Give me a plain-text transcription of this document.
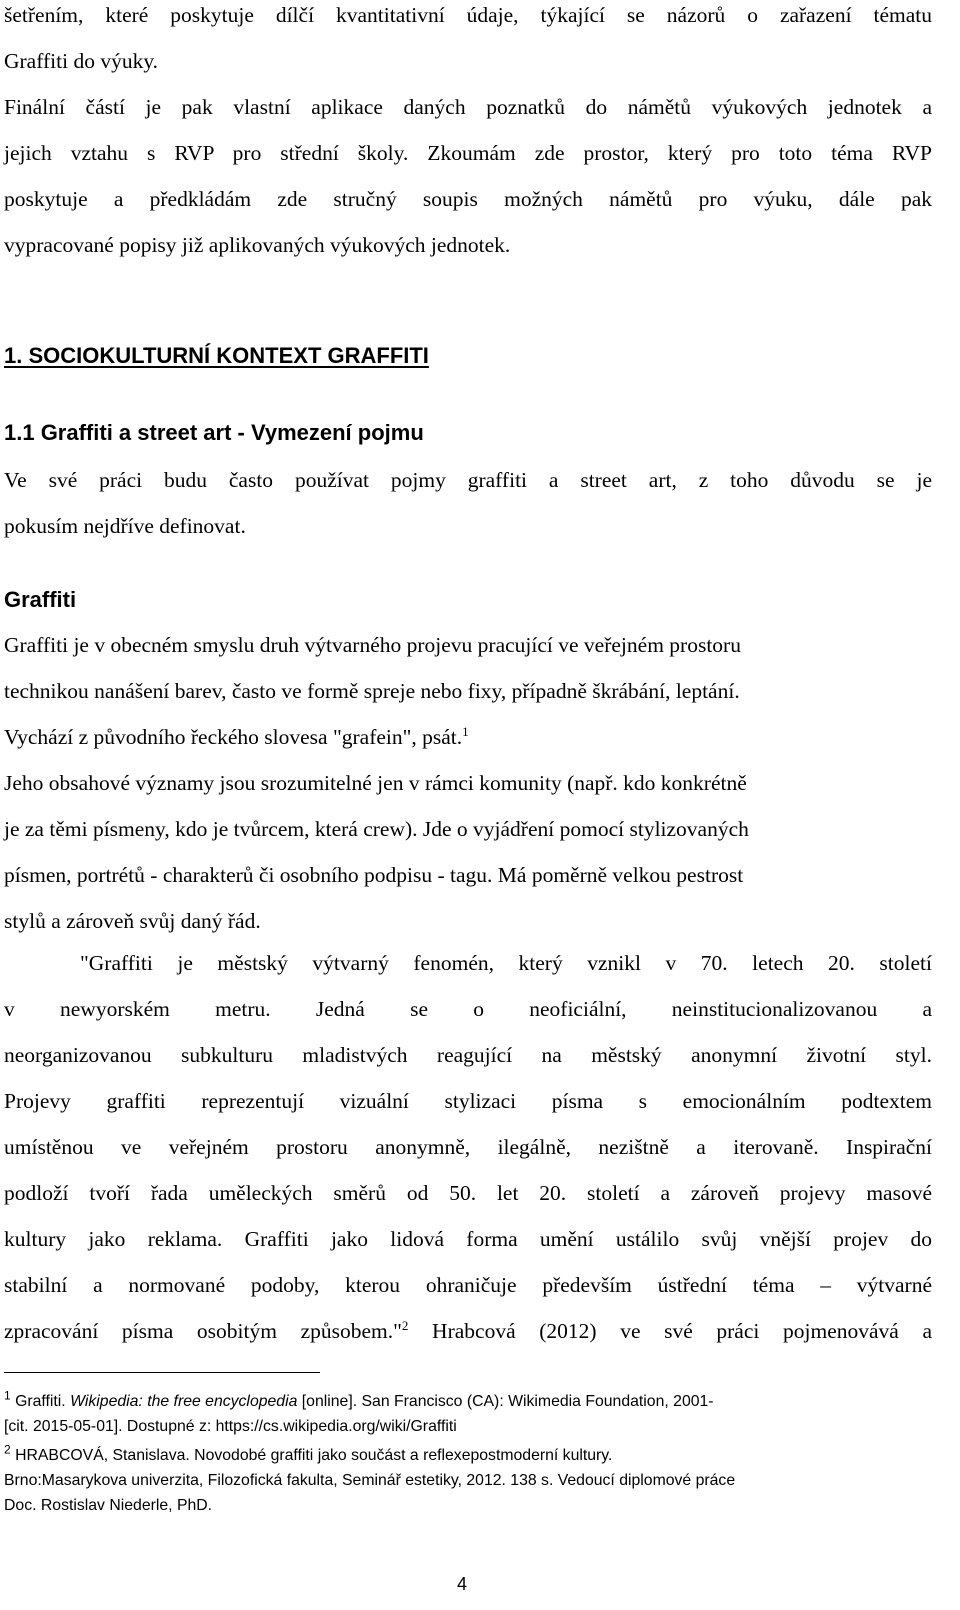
šetřením, které poskytuje dílčí kvantitativní údaje, týkající se názorů o zařazení tématu
Graffiti do výuky.
Finální částí je pak vlastní aplikace daných poznatků do námětů výukových jednotek a
jejich vztahu s RVP pro střední školy. Zkoumám zde prostor, který pro toto téma RVP
poskytuje a předkládám zde stručný soupis možných námětů pro výuku, dále pak
vypracované popisy již aplikovaných výukových jednotek.
1. SOCIOKULTURNÍ KONTEXT GRAFFITI
1.1 Graffiti a street art - Vymezení pojmu
Ve své práci budu často používat pojmy graffiti a street art, z toho důvodu se je
pokusím nejdříve definovat.
Graffiti
Graffiti je v obecném smyslu druh výtvarného projevu pracující ve veřejném prostoru
technikou nanášení barev, často ve formě spreje nebo fixy, případně škrábání, leptání.
Vychází z původního řeckého slovesa "grafein", psát.$^1$
Jeho obsahové významy jsou srozumitelné jen v rámci komunity (např. kdo konkrétně
je za těmi písmeny, kdo je tvůrcem, která crew). Jde o vyjádření pomocí stylizovaných
písmen, portrétů - charakterů či osobního podpisu - tagu. Má poměrně velkou pestrost
stylů a zároveň svůj daný řád.
"Graffiti je městský výtvarný fenomén, který vznikl v 70. letech 20. století
v newyorském metru. Jedná se o neoficiální, neinstitucionalizovanou a
neorganizovanou subkulturu mladistvých reagující na městský anonymní životní styl.
Projevy graffiti reprezentují vizuální stylizaci písma s emocionálním podtextem
umístěnou ve veřejném prostoru anonymně, ilegálně, nezištně a iterovaně. Inspirační
podloží tvoří řada uměleckých směrů od 50. let 20. století a zároveň projevy masové
kultury jako reklama. Graffiti jako lidová forma umění ustálilo svůj vnější projev do
stabilní a normované podoby, kterou ohraničuje především ústřední téma – výtvarné
zpracování písma osobitým způsobem."$^2$ Hrabcová (2012) ve své práci pojmenovává a
$^1$ Graffiti. Wikipedia: the free encyclopedia [online]. San Francisco (CA): Wikimedia Foundation, 2001-
[cit. 2015-05-01]. Dostupné z: https://cs.wikipedia.org/wiki/Graffiti
$^2$ HRABCOVÁ, Stanislava. Novodobé graffiti jako součást a reflexepostmoderní kultury.
Brno:Masarykova univerzita, Filozofická fakulta, Seminář estetiky, 2012. 138 s. Vedoucí diplomové práce
Doc. Rostislav Niederle, PhD.
4
